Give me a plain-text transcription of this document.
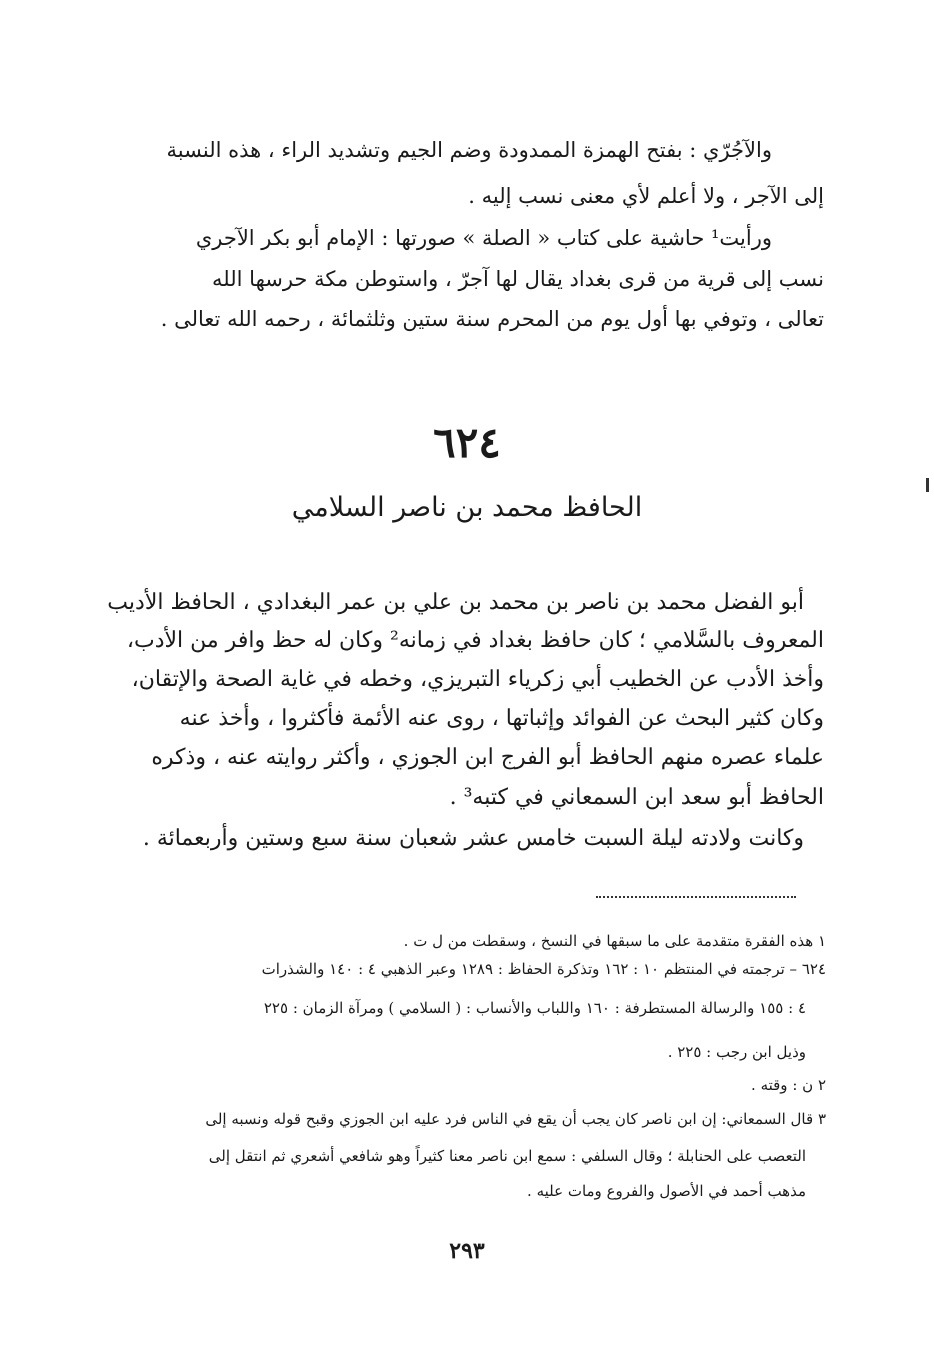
والآجُرّي : بفتح الهمزة الممدودة وضم الجيم وتشديد الراء ، هذه النسبة
إلى الآجر ، ولا أعلم لأي معنى نسب إليه .
ورأيت¹ حاشية على كتاب « الصلة » صورتها : الإمام أبو بكر الآجري
نسب إلى قرية من قرى بغداد يقال لها آجرّ ، واستوطن مكة حرسها الله
تعالى ، وتوفي بها أول يوم من المحرم سنة ستين وثلثمائة ، رحمه الله تعالى .
٦٢٤
الحافظ محمد بن ناصر السلامي
أبو الفضل محمد بن ناصر بن محمد بن علي بن عمر البغدادي ، الحافظ الأديب
المعروف بالسَّلامي ؛ كان حافظ بغداد في زمانه² وكان له حظ وافر من الأدب،
وأخذ الأدب عن الخطيب أبي زكرياء التبريزي، وخطه في غاية الصحة والإتقان،
وكان كثير البحث عن الفوائد وإثباتها ، روى عنه الأئمة فأكثروا ، وأخذ عنه
علماء عصره منهم الحافظ أبو الفرج ابن الجوزي ، وأكثر روايته عنه ، وذكره
الحافظ أبو سعد ابن السمعاني في كتبه³ .
وكانت ولادته ليلة السبت خامس عشر شعبان سنة سبع وستين وأربعمائة .
١ هذه الفقرة متقدمة على ما سبقها في النسخ ، وسقطت من ل ت .
٦٢٤ – ترجمته في المنتظم ١٠ : ١٦٢ وتذكرة الحفاظ : ١٢٨٩ وعبر الذهبي ٤ : ١٤٠ والشذرات
٤ : ١٥٥ والرسالة المستطرفة : ١٦٠ واللباب والأنساب : ( السلامي ) ومرآة الزمان : ٢٢٥
وذيل ابن رجب : ٢٢٥ .
٢ ن : وقته .
٣ قال السمعاني: إن ابن ناصر كان يجب أن يقع في الناس فرد عليه ابن الجوزي وقبح قوله ونسبه إلى
التعصب على الحنابلة ؛ وقال السلفي : سمع ابن ناصر معنا كثيراً وهو شافعي أشعري ثم انتقل إلى
مذهب أحمد في الأصول والفروع ومات عليه .
٢٩٣
